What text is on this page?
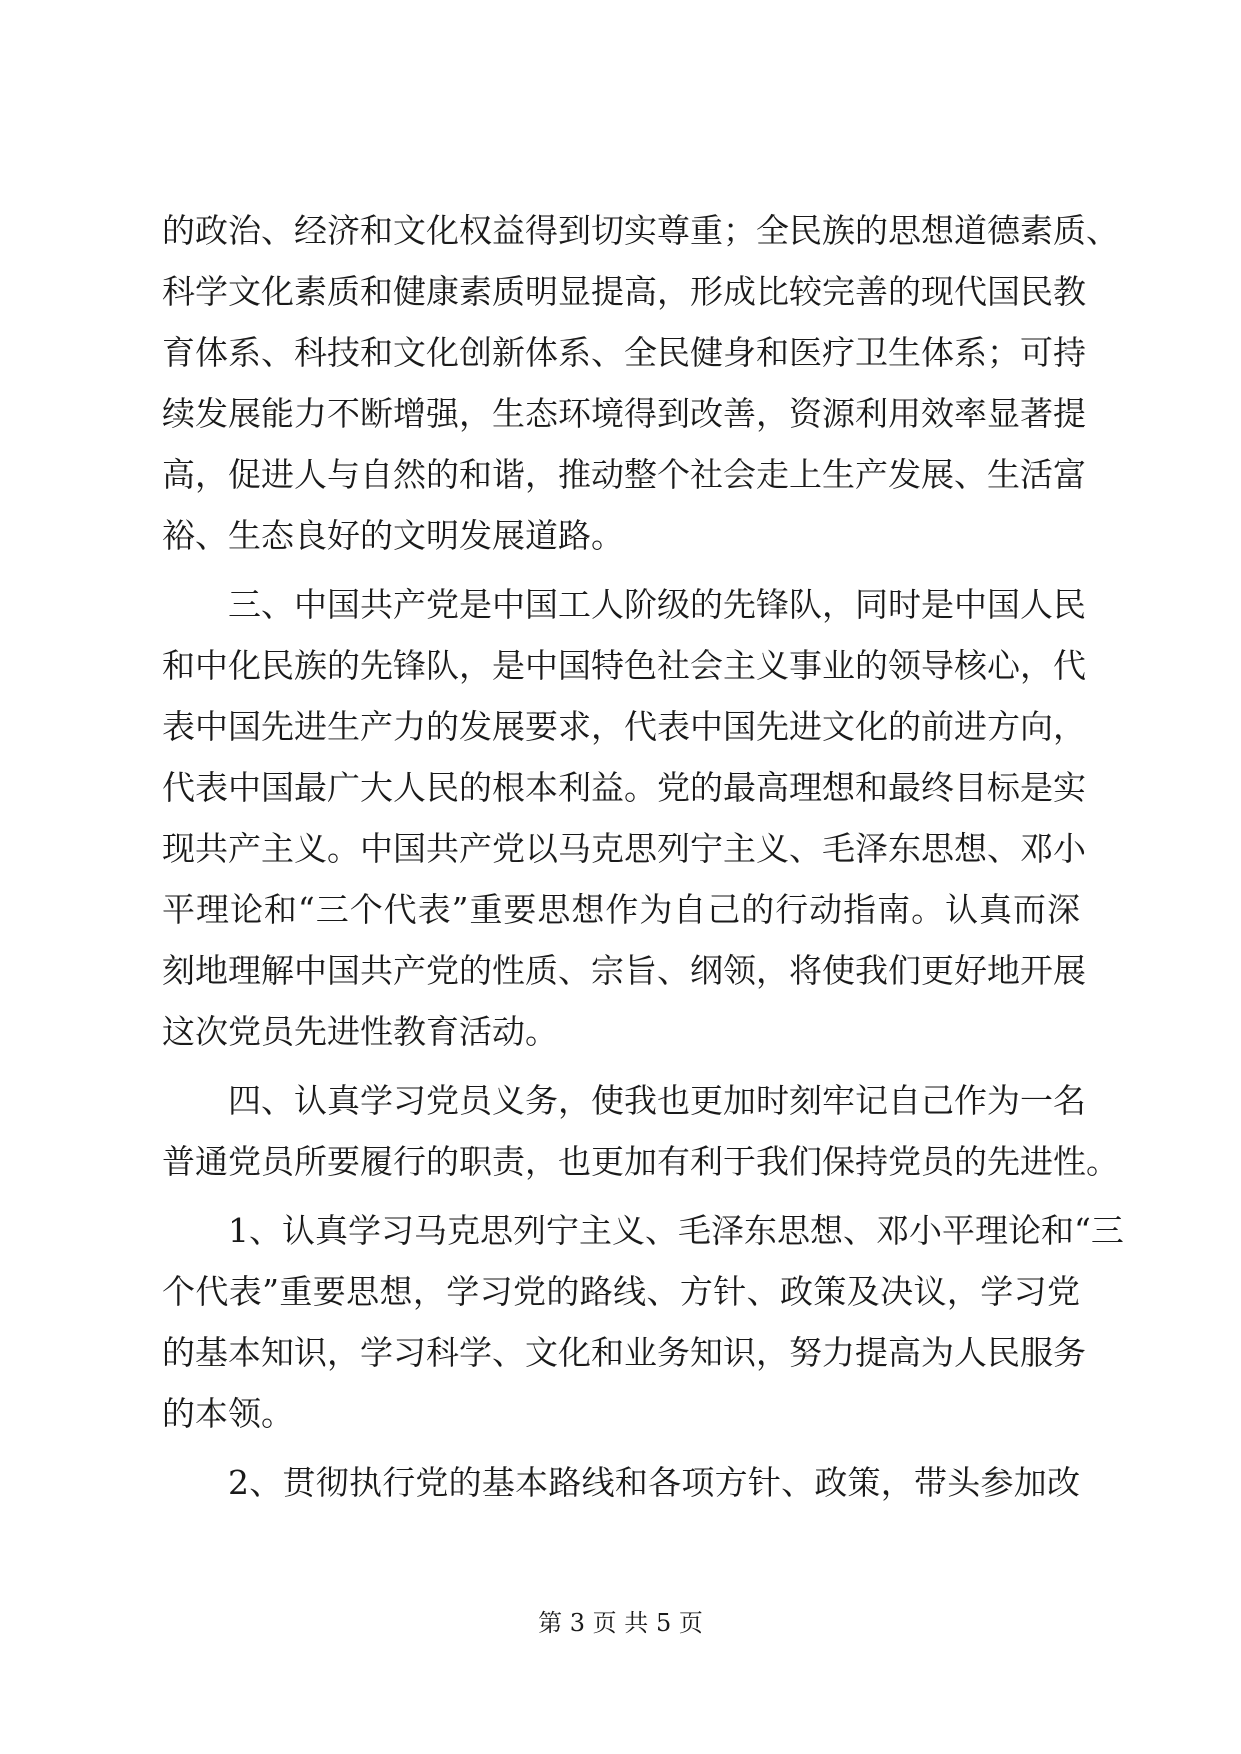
的政治、经济和文化权益得到切实尊重；全民族的思想道德素质、
科学文化素质和健康素质明显提高，形成比较完善的现代国民教
育体系、科技和文化创新体系、全民健身和医疗卫生体系；可持
续发展能力不断增强，生态环境得到改善，资源利用效率显著提
高，促进人与自然的和谐，推动整个社会走上生产发展、生活富
裕、生态良好的文明发展道路。
三、中国共产党是中国工人阶级的先锋队，同时是中国人民
和中化民族的先锋队，是中国特色社会主义事业的领导核心，代
表中国先进生产力的发展要求，代表中国先进文化的前进方向，
代表中国最广大人民的根本利益。党的最高理想和最终目标是实
现共产主义。中国共产党以马克思列宁主义、毛泽东思想、邓小
平理论和“三个代表”重要思想作为自己的行动指南。认真而深
刻地理解中国共产党的性质、宗旨、纲领，将使我们更好地开展
这次党员先进性教育活动。
四、认真学习党员义务，使我也更加时刻牢记自己作为一名
普通党员所要履行的职责，也更加有利于我们保持党员的先进性。
1、认真学习马克思列宁主义、毛泽东思想、邓小平理论和“三
个代表”重要思想，学习党的路线、方针、政策及决议，学习党
的基本知识，学习科学、文化和业务知识，努力提高为人民服务
的本领。
2、贯彻执行党的基本路线和各项方针、政策，带头参加改
第 3 页 共 5 页
